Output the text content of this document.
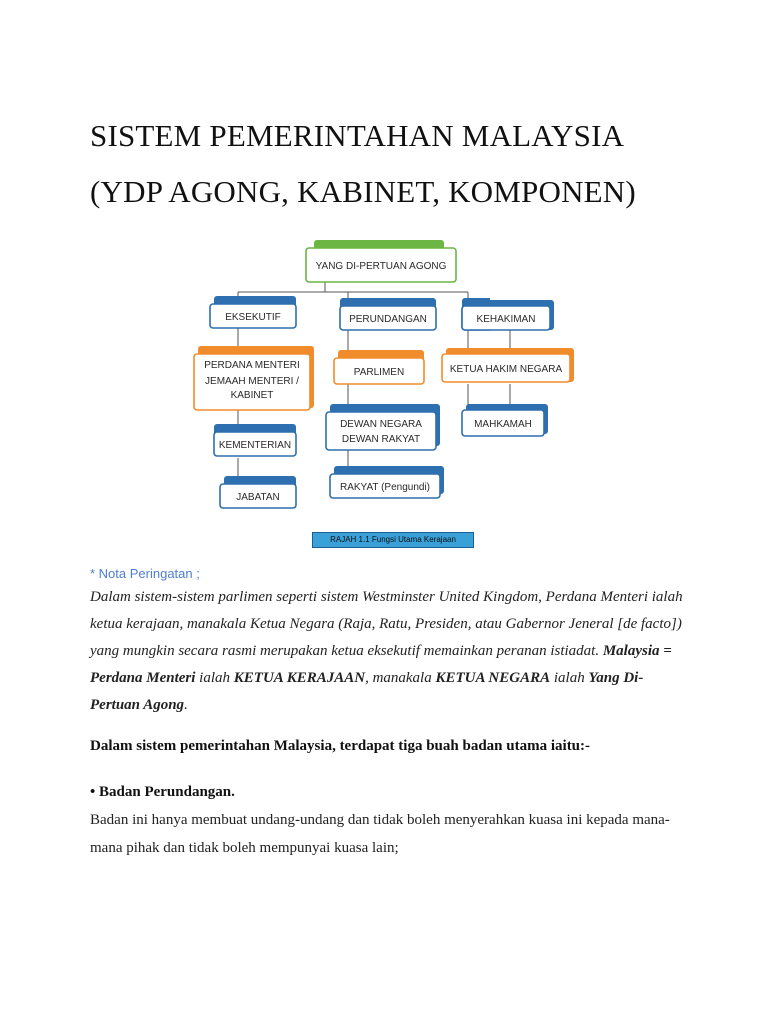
SISTEM PEMERINTAHAN MALAYSIA
(YDP AGONG, KABINET, KOMPONEN)
YANG DI-PERTUAN AGONG
EKSEKUTIF	PERUNDANGAN
PERDANA MENTERI
JEMAAH MENTERI /
KABINET
PARLIMEN
DEWAN NEGARA
DEWAN RAKYAT
KEMENTERIAN
RAKYAT (Pengundi)
JABATAN
KEHAKIMAN
KETUA HAKIM NEGARA
MAHKAMAH
RAJAH 1.1 Fungsi Utama Kerajaan
* Nota Peringatan ;
Dalam sistem-sistem parlimen seperti sistem Westminster United Kingdom, Perdana Menteri ialah ketua kerajaan, manakala Ketua Negara (Raja, Ratu, Presiden, atau Gabernor Jeneral [de facto]) yang mungkin secara rasmi merupakan ketua eksekutif memainkan peranan istiadat. Malaysia = Perdana Menteri ialah KETUA KERAJAAN, manakala KETUA NEGARA ialah Yang Di-Pertuan Agong.
Dalam sistem pemerintahan Malaysia, terdapat tiga buah badan utama iaitu:-
• Badan Perundangan.
Badan ini hanya membuat undang-undang dan tidak boleh menyerahkan kuasa ini kepada mana-mana pihak dan tidak boleh mempunyai kuasa lain;
